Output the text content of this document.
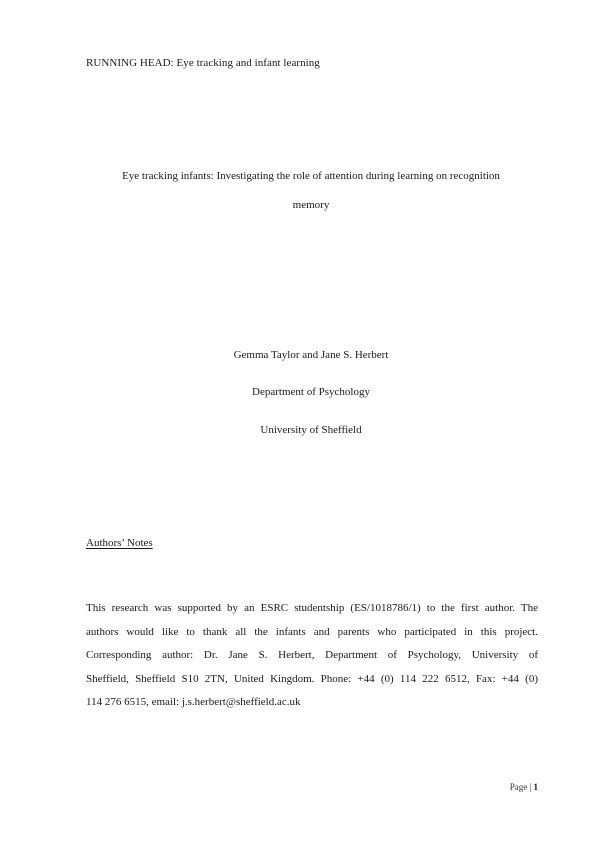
RUNNING HEAD: Eye tracking and infant learning
Eye tracking infants: Investigating the role of attention during learning on recognition
memory
Gemma Taylor and Jane S. Herbert
Department of Psychology
University of Sheffield
Authors’ Notes
This research was supported by an ESRC studentship (ES/1018786/1) to the first author. The
authors would like to thank all the infants and parents who participated in this project.
Corresponding author: Dr. Jane S. Herbert, Department of Psychology, University of
Sheffield, Sheffield S10 2TN, United Kingdom. Phone: +44 (0) 114 222 6512, Fax: +44 (0)
114 276 6515, email: j.s.herbert@sheffield.ac.uk
Page | 1
